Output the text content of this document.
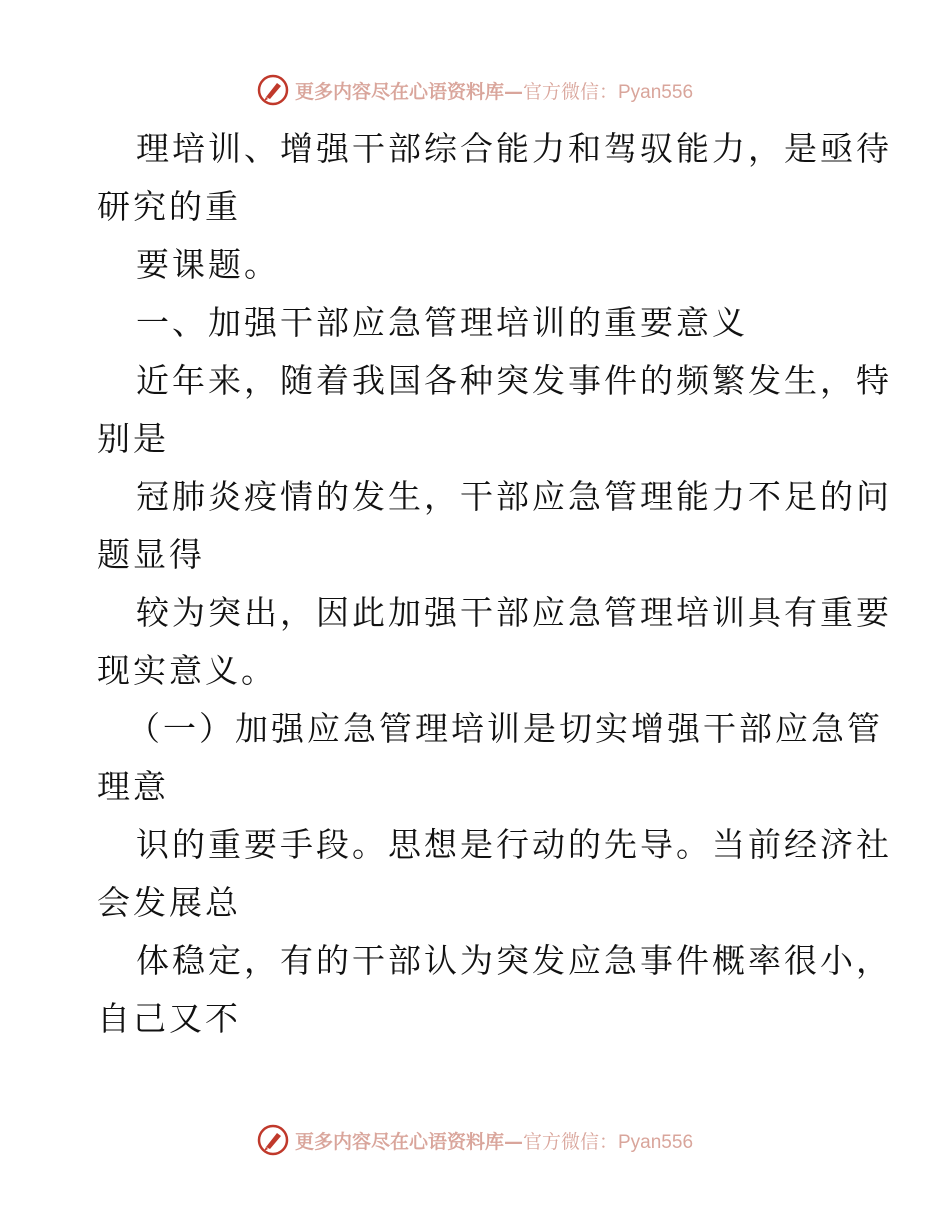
更多内容尽在心语资料库—官方微信：Pyan556
理培训、增强干部综合能力和驾驭能力，是亟待
研究的重
要课题。
一、加强干部应急管理培训的重要意义
近年来，随着我国各种突发事件的频繁发生，特
别是
冠肺炎疫情的发生，干部应急管理能力不足的问
题显得
较为突出，因此加强干部应急管理培训具有重要
现实意义。
（一）加强应急管理培训是切实增强干部应急管
理意
识的重要手段。思想是行动的先导。当前经济社
会发展总
体稳定，有的干部认为突发应急事件概率很小，
自己又不
更多内容尽在心语资料库—官方微信：Pyan556
